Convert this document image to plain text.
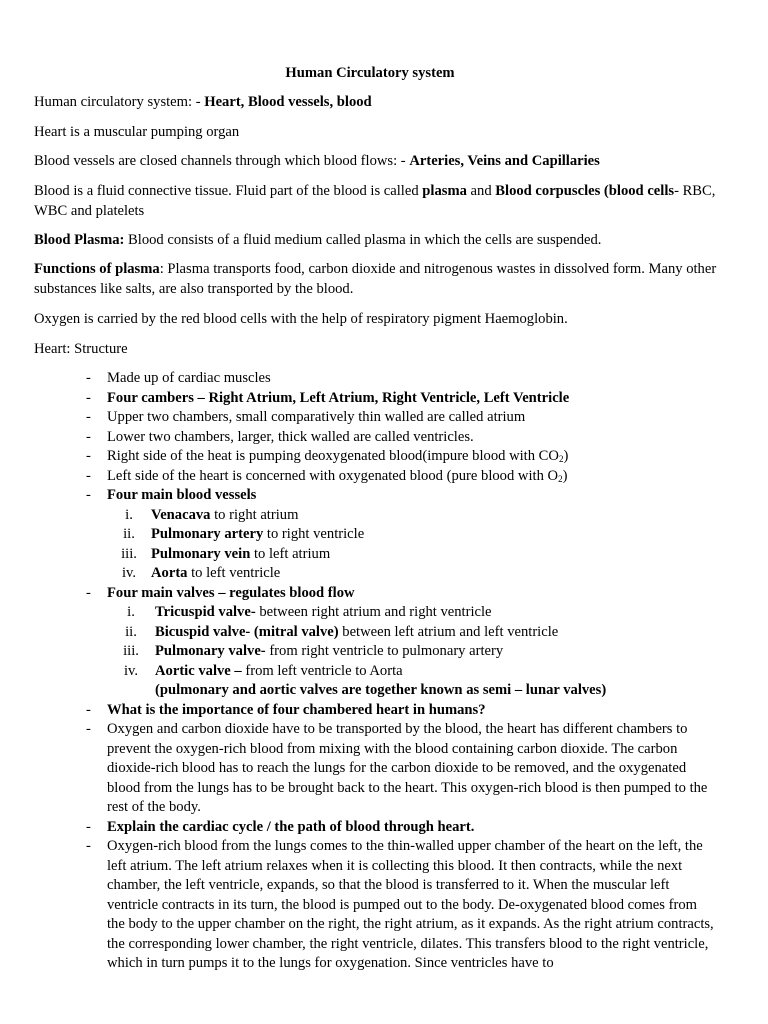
Human Circulatory system

Human circulatory system: - Heart, Blood vessels, blood

Heart is a muscular pumping organ

Blood vessels are closed channels through which blood flows: - Arteries, Veins and Capillaries

Blood is a fluid connective tissue. Fluid part of the blood is called plasma and Blood corpuscles (blood cells- RBC, WBC and platelets

Blood Plasma: Blood consists of a fluid medium called plasma in which the cells are suspended.

Functions of plasma: Plasma transports food, carbon dioxide and nitrogenous wastes in dissolved form. Many other substances like salts, are also transported by the blood.

Oxygen is carried by the red blood cells with the help of respiratory pigment Haemoglobin.

Heart: Structure

- Made up of cardiac muscles
- Four cambers – Right Atrium, Left Atrium, Right Ventricle, Left Ventricle
- Upper two chambers, small comparatively thin walled are called atrium
- Lower two chambers, larger, thick walled are called ventricles.
- Right side of the heat is pumping deoxygenated blood(impure blood with $CO_2$)
- Left side of the heart is concerned with oxygenated blood (pure blood with $O_2$)
- Four main blood vessels
i.	Venacava to right atrium
ii.	Pulmonary artery to right ventricle
iii. Pulmonary vein to left atrium
iv.	Aorta to left ventricle
- Four main valves – regulates blood flow
i.	Tricuspid valve- between right atrium and right ventricle
ii.	Bicuspid valve- (mitral valve) between left atrium and left ventricle
iii.	Pulmonary valve- from right ventricle to pulmonary artery
iv.	Aortic valve – from left ventricle to Aorta
(pulmonary and aortic valves are together known as semi – lunar valves)
- What is the importance of four chambered heart in humans?
- Oxygen and carbon dioxide have to be transported by the blood, the heart has different chambers to prevent the oxygen-rich blood from mixing with the blood containing carbon dioxide. The carbon dioxide-rich blood has to reach the lungs for the carbon dioxide to be removed, and the oxygenated blood from the lungs has to be brought back to the heart. This oxygen-rich blood is then pumped to the rest of the body.
- Explain the cardiac cycle / the path of blood through heart.
- Oxygen-rich blood from the lungs comes to the thin-walled upper chamber of the heart on the left, the left atrium. The left atrium relaxes when it is collecting this blood. It then contracts, while the next chamber, the left ventricle, expands, so that the blood is transferred to it. When the muscular left ventricle contracts in its turn, the blood is pumped out to the body. De-oxygenated blood comes from the body to the upper chamber on the right, the right atrium, as it expands. As the right atrium contracts, the corresponding lower chamber, the right ventricle, dilates. This transfers blood to the right ventricle, which in turn pumps it to the lungs for oxygenation. Since ventricles have to
